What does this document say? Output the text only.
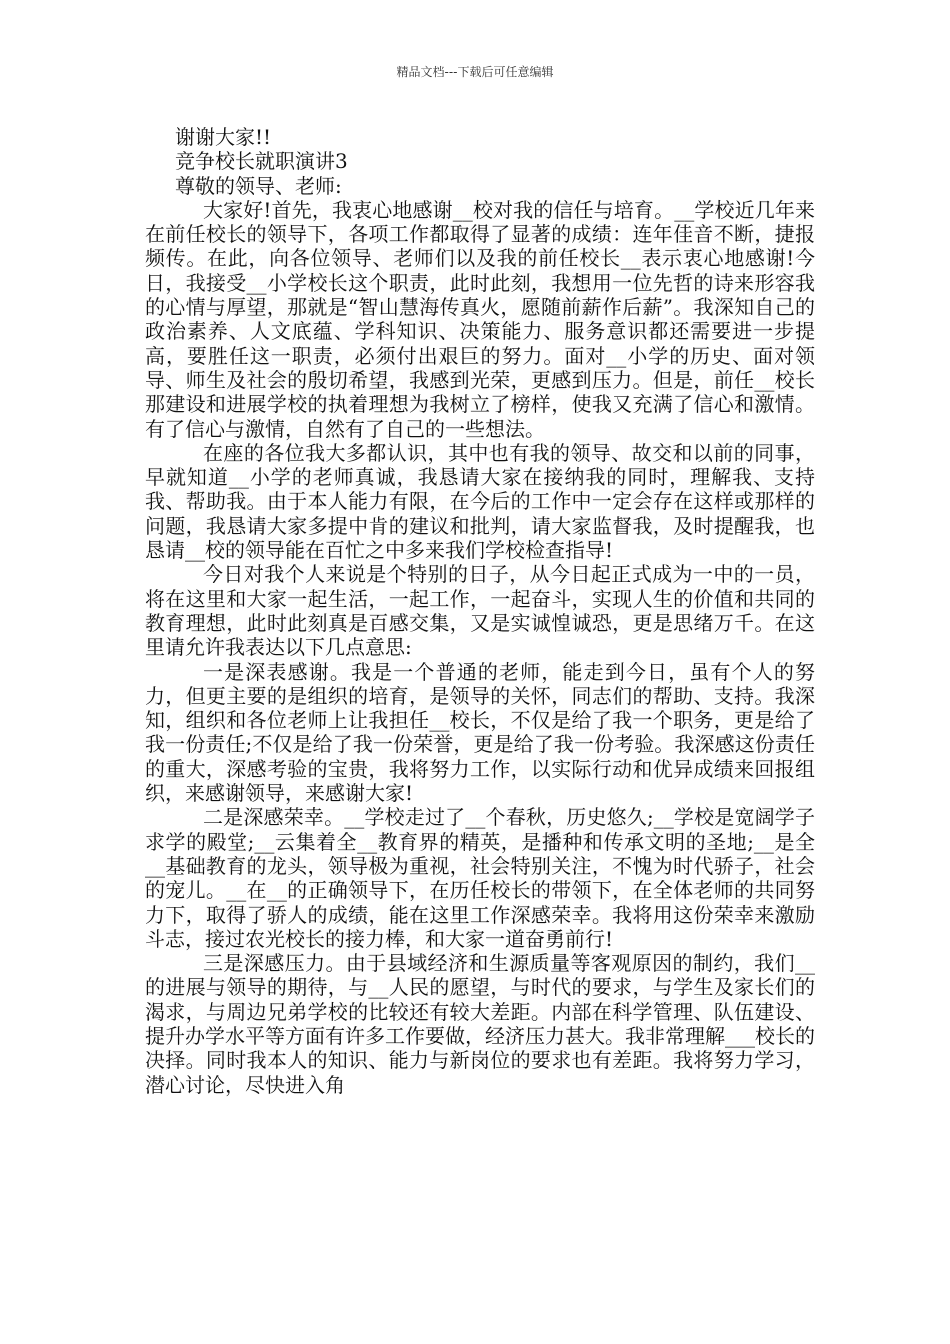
精品文档---下载后可任意编辑

谢谢大家!!

竞争校长就职演讲3

尊敬的领导、老师:

大家好!首先，我衷心地感谢__校对我的信任与培育。__学校近几年来在前任校长的领导下，各项工作都取得了显著的成绩：连年佳音不断，捷报频传。在此，向各位领导、老师们以及我的前任校长__表示衷心地感谢!今日，我接受__小学校长这个职责，此时此刻，我想用一位先哲的诗来形容我的心情与厚望，那就是“智山慧海传真火，愿随前薪作后薪”。我深知自己的政治素养、人文底蕴、学科知识、决策能力、服务意识都还需要进一步提高，要胜任这一职责，必须付出艰巨的努力。面对__小学的历史、面对领导、师生及社会的殷切希望，我感到光荣，更感到压力。但是，前任__校长那建设和进展学校的执着理想为我树立了榜样，使我又充满了信心和激情。有了信心与激情，自然有了自己的一些想法。

在座的各位我大多都认识，其中也有我的领导、故交和以前的同事，早就知道__小学的老师真诚，我恳请大家在接纳我的同时，理解我、支持我、帮助我。由于本人能力有限，在今后的工作中一定会存在这样或那样的问题，我恳请大家多提中肯的建议和批判，请大家监督我，及时提醒我，也恳请__校的领导能在百忙之中多来我们学校检查指导!

今日对我个人来说是个特别的日子，从今日起正式成为一中的一员，将在这里和大家一起生活，一起工作，一起奋斗，实现人生的价值和共同的教育理想，此时此刻真是百感交集，又是实诚惶诚恐，更是思绪万千。在这里请允许我表达以下几点意思:

一是深表感谢。我是一个普通的老师，能走到今日，虽有个人的努力，但更主要的是组织的培育，是领导的关怀，同志们的帮助、支持。我深知，组织和各位老师上让我担任__校长，不仅是给了我一个职务，更是给了我一份责任;不仅是给了我一份荣誉，更是给了我一份考验。我深感这份责任的重大，深感考验的宝贵，我将努力工作，以实际行动和优异成绩来回报组织，来感谢领导，来感谢大家!

二是深感荣幸。__学校走过了__个春秋，历史悠久;__学校是宽阔学子求学的殿堂;__云集着全__教育界的精英，是播种和传承文明的圣地;__是全__基础教育的龙头，领导极为重视，社会特别关注，不愧为时代骄子，社会的宠儿。__在__的正确领导下，在历任校长的带领下，在全体老师的共同努力下，取得了骄人的成绩，能在这里工作深感荣幸。我将用这份荣幸来激励斗志，接过农光校长的接力棒，和大家一道奋勇前行!

三是深感压力。由于县域经济和生源质量等客观原因的制约，我们__的进展与领导的期待，与__人民的愿望，与时代的要求，与学生及家长们的渴求，与周边兄弟学校的比较还有较大差距。内部在科学管理、队伍建设、提升办学水平等方面有许多工作要做，经济压力甚大。我非常理解___校长的决择。同时我本人的知识、能力与新岗位的要求也有差距。我将努力学习，潜心讨论，尽快进入角
